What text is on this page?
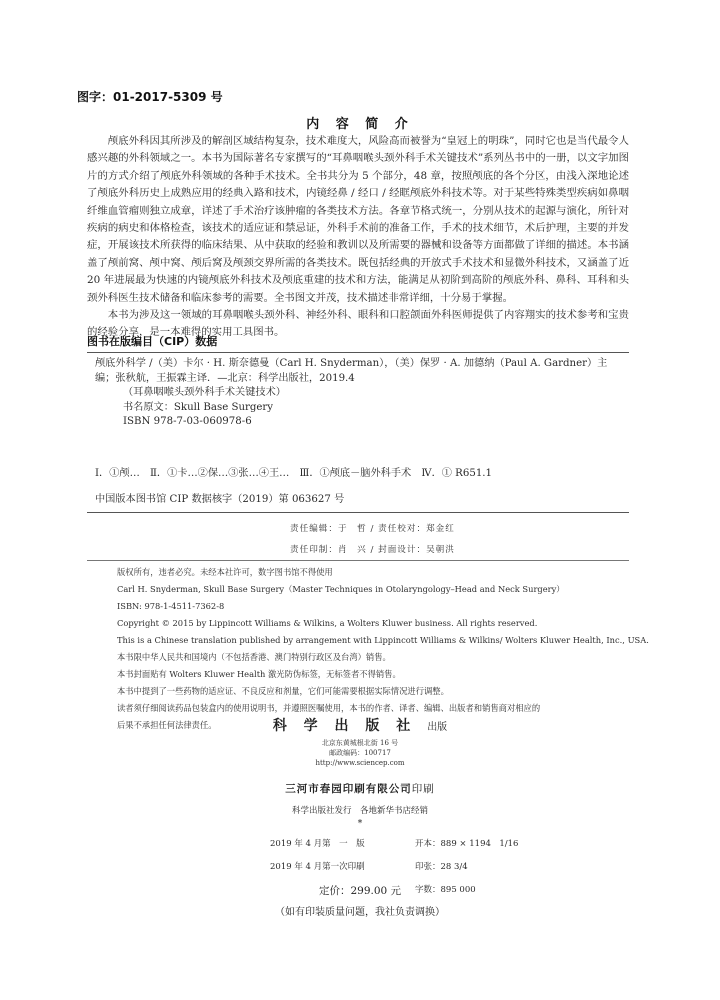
图字：01-2017-5309 号
内 容 简 介

颅底外科因其所涉及的解剖区域结构复杂，技术难度大，风险高而被誉为“皇冠上的明珠”，同时它也是当代最令人感兴趣的外科领域之一。本书为国际著名专家撰写的“耳鼻咽喉头颈外科手术关键技术”系列丛书中的一册，以文字加图片的方式介绍了颅底外科领域的各种手术技术。全书共分为 5 个部分，48 章，按照颅底的各个分区，由浅入深地论述了颅底外科历史上成熟应用的经典入路和技术，内镜经鼻 / 经口 / 经眶颅底外科技术等。对于某些特殊类型疾病如鼻咽纤维血管瘤则独立成章，详述了手术治疗该肿瘤的各类技术方法。各章节格式统一，分别从技术的起源与演化，所针对疾病的病史和体格检查，该技术的适应证和禁忌证，外科手术前的准备工作，手术的技术细节，术后护理，主要的并发症，开展该技术所获得的临床结果、从中获取的经验和教训以及所需要的器械和设备等方面都做了详细的描述。本书涵盖了颅前窝、颅中窝、颅后窝及颅颈交界所需的各类技术。既包括经典的开放式手术技术和显微外科技术，又涵盖了近 20 年进展最为快速的内镜颅底外科技术及颅底重建的技术和方法，能满足从初阶到高阶的颅底外科、鼻科、耳科和头颈外科医生技术储备和临床参考的需要。全书图文并茂，技术描述非常详细，十分易于掌握。

本书为涉及这一领域的耳鼻咽喉头颈外科、神经外科、眼科和口腔颌面外科医师提供了内容翔实的技术参考和宝贵的经验分享，是一本难得的实用工具图书。

图书在版编目（CIP）数据
颅底外科学 /（美）卡尔 · H. 斯奈德曼（Carl H. Snyderman），（美）保罗 · A. 加德纳（Paul A. Gardner）主
编；张秋航，王振霖主译．—北京：科学出版社，2019.4
（耳鼻咽喉头颈外科手术关键技术）
书名原文：Skull Base Surgery
ISBN 978-7-03-060978-6
Ⅰ．①颅…　Ⅱ．①卡…②保…③张…④王…　Ⅲ．①颅底－脑外科手术　Ⅳ．① R651.1
中国版本图书馆 CIP 数据核字（2019）第 063627 号
责任编辑：于　哲 / 责任校对：郑金红
责任印制：肖　兴 / 封面设计：吴朝洪
版权所有，违者必究。未经本社许可，数字图书馆不得使用
Carl H. Snyderman, Skull Base Surgery（Master Techniques in Otolaryngology–Head and Neck Surgery）
ISBN: 978-1-4511-7362-8
Copyright © 2015 by Lippincott Williams & Wilkins, a Wolters Kluwer business. All rights reserved.
This is a Chinese translation published by arrangement with Lippincott Williams & Wilkins/ Wolters Kluwer Health, Inc., USA.
本书限中华人民共和国境内（不包括香港、澳门特别行政区及台湾）销售。
本书封面贴有 Wolters Kluwer Health 激光防伪标签，无标签者不得销售。
本书中提到了一些药物的适应证、不良反应和剂量，它们可能需要根据实际情况进行调整。
读者须仔细阅读药品包装盒内的使用说明书，并遵照医嘱使用，本书的作者、译者、编辑、出版者和销售商对相应的
后果不承担任何法律责任。	科 学 出 版 社 出版
北京东黄城根北街 16 号
邮政编码：100717
http://www.sciencep.com
三河市春园印刷有限公司印刷
科学出版社发行　各地新华书店经销
*
2019 年 4 月第　一　版	开本：889 × 1194　1/16
2019 年 4 月第一次印刷	印张：28 3/4
字数：895 000
定价：299.00 元
（如有印装质量问题，我社负责调换）
